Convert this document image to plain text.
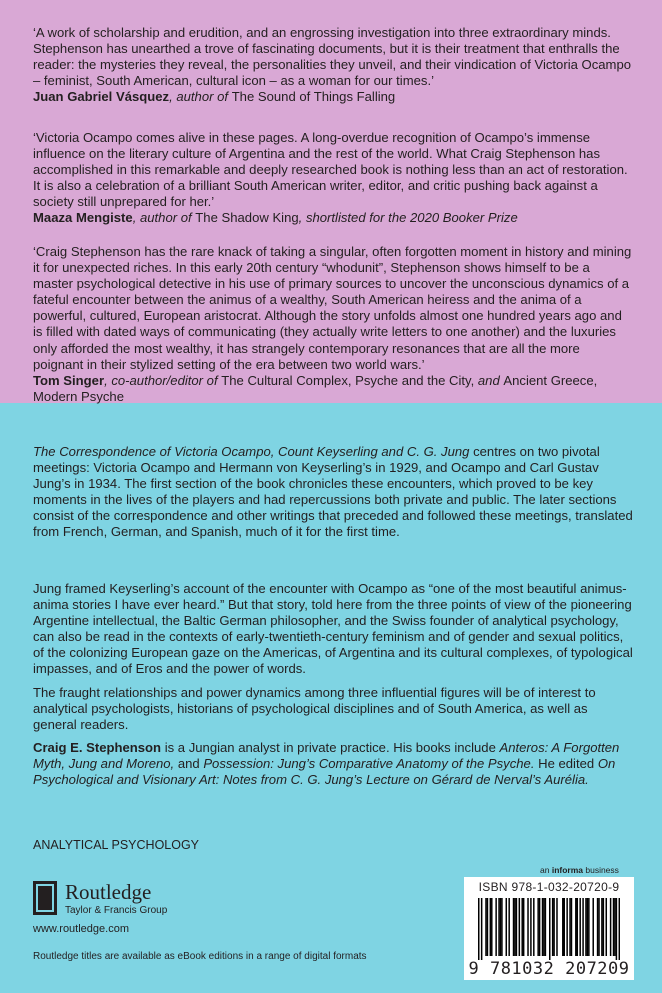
‘A work of scholarship and erudition, and an engrossing investigation into three extraordinary minds. Stephenson has unearthed a trove of fascinating documents, but it is their treatment that enthralls the reader: the mysteries they reveal, the personalities they unveil, and their vindication of Victoria Ocampo – feminist, South American, cultural icon – as a woman for our times.’

Juan Gabriel Vásquez, author of The Sound of Things Falling

‘Victoria Ocampo comes alive in these pages. A long-overdue recognition of Ocampo’s immense influence on the literary culture of Argentina and the rest of the world. What Craig Stephenson has accomplished in this remarkable and deeply researched book is nothing less than an act of restoration. It is also a celebration of a brilliant South American writer, editor, and critic pushing back against a society still unprepared for her.’

Maaza Mengiste, author of The Shadow King, shortlisted for the 2020 Booker Prize

‘Craig Stephenson has the rare knack of taking a singular, often forgotten moment in history and mining it for unexpected riches. In this early 20th century “whodunit”, Stephenson shows himself to be a master psychological detective in his use of primary sources to uncover the unconscious dynamics of a fateful encounter between the animus of a wealthy, South American heiress and the anima of a powerful, cultured, European aristocrat. Although the story unfolds almost one hundred years ago and is filled with dated ways of communicating (they actually write letters to one another) and the luxuries only afforded the most wealthy, it has strangely contemporary resonances that are all the more poignant in their stylized setting of the era between two world wars.’

Tom Singer, co-author/editor of The Cultural Complex, Psyche and the City, and Ancient Greece, Modern Psyche

The Correspondence of Victoria Ocampo, Count Keyserling and C. G. Jung centres on two pivotal meetings: Victoria Ocampo and Hermann von Keyserling’s in 1929, and Ocampo and Carl Gustav Jung’s in 1934. The first section of the book chronicles these encounters, which proved to be key moments in the lives of the players and had repercussions both private and public. The later sections consist of the correspondence and other writings that preceded and followed these meetings, translated from French, German, and Spanish, much of it for the first time.

Jung framed Keyserling’s account of the encounter with Ocampo as “one of the most beautiful animus-anima stories I have ever heard.” But that story, told here from the three points of view of the pioneering Argentine intellectual, the Baltic German philosopher, and the Swiss founder of analytical psychology, can also be read in the contexts of early-twentieth-century feminism and of gender and sexual politics, of the colonizing European gaze on the Americas, of Argentina and its cultural complexes, of typological impasses, and of Eros and the power of words.

The fraught relationships and power dynamics among three influential figures will be of interest to analytical psychologists, historians of psychological disciplines and of South America, as well as general readers.

Craig E. Stephenson is a Jungian analyst in private practice. His books include Anteros: A Forgotten Myth, Jung and Moreno, and Possession: Jung’s Comparative Anatomy of the Psyche. He edited On Psychological and Visionary Art: Notes from C. G. Jung’s Lecture on Gérard de Nerval’s Aurélia.

ANALYTICAL PSYCHOLOGY
Routledge
Taylor & Francis Group
www.routledge.com
Routledge titles are available as eBook editions in a range of digital formats
an informa business
ISBN 978-1-032-20720-9
9 781032 207209
